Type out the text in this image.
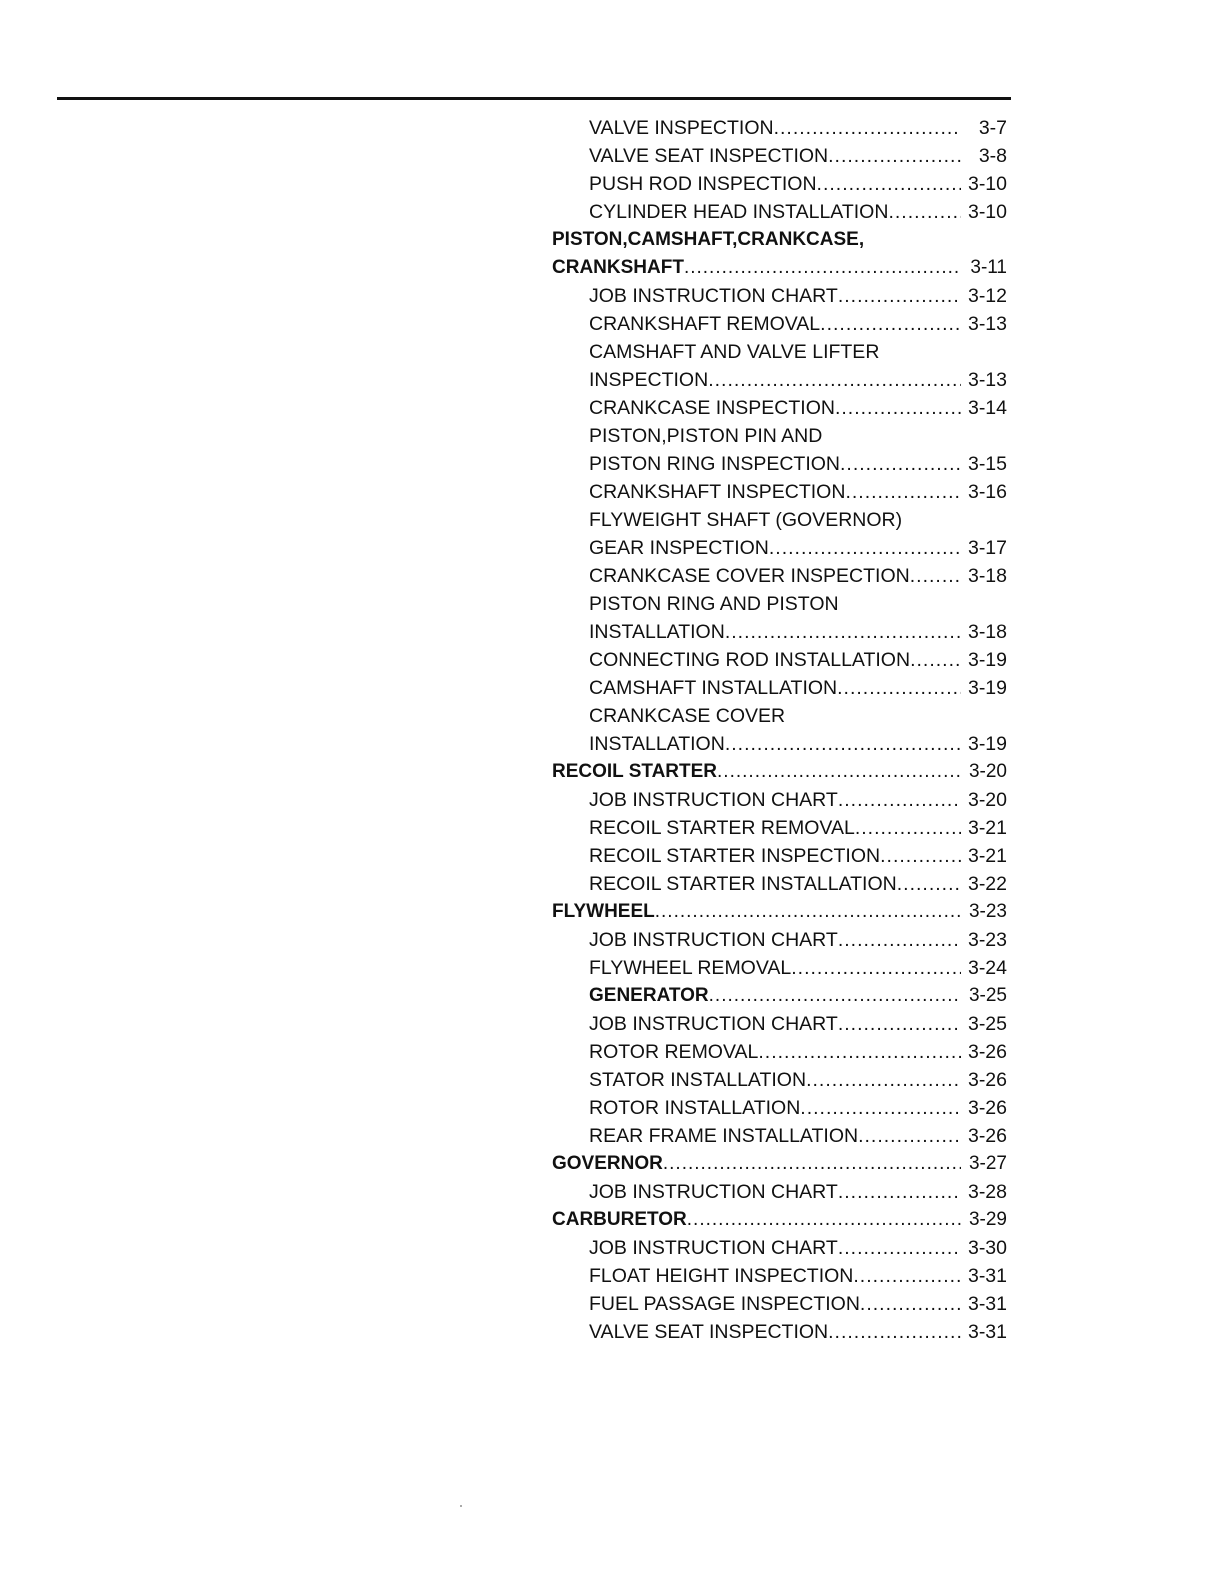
VALVE INSPECTION .....	3-7
VALVE SEAT INSPECTION .....	3-8
PUSH ROD INSPECTION .....	3-10
CYLINDER HEAD INSTALLATION .....	3-10
PISTON,CAMSHAFT,CRANKCASE,
CRANKSHAFT .....	3-11
JOB INSTRUCTION CHART .....	3-12
CRANKSHAFT REMOVAL .....	3-13
CAMSHAFT AND VALVE LIFTER
INSPECTION .....	3-13
CRANKCASE INSPECTION .....	3-14
PISTON,PISTON PIN AND
PISTON RING INSPECTION .....	3-15
CRANKSHAFT INSPECTION .....	3-16
FLYWEIGHT SHAFT (GOVERNOR)
GEAR INSPECTION .....	3-17
CRANKCASE COVER INSPECTION .....	3-18
PISTON RING AND PISTON
INSTALLATION .....	3-18
CONNECTING ROD INSTALLATION .....	3-19
CAMSHAFT INSTALLATION .....	3-19
CRANKCASE COVER
INSTALLATION .....	3-19
RECOIL STARTER .....	3-20
JOB INSTRUCTION CHART .....	3-20
RECOIL STARTER REMOVAL .....	3-21
RECOIL STARTER INSPECTION .....	3-21
RECOIL STARTER INSTALLATION .....	3-22
FLYWHEEL .....	3-23
JOB INSTRUCTION CHART .....	3-23
FLYWHEEL REMOVAL .....	3-24
GENERATOR .....	3-25
JOB INSTRUCTION CHART .....	3-25
ROTOR REMOVAL .....	3-26
STATOR INSTALLATION .....	3-26
ROTOR INSTALLATION .....	3-26
REAR FRAME INSTALLATION .....	3-26
GOVERNOR .....	3-27
JOB INSTRUCTION CHART .....	3-28
CARBURETOR .....	3-29
JOB INSTRUCTION CHART .....	3-30
FLOAT HEIGHT INSPECTION .....	3-31
FUEL PASSAGE INSPECTION .....	3-31
VALVE SEAT INSPECTION .....	3-31
